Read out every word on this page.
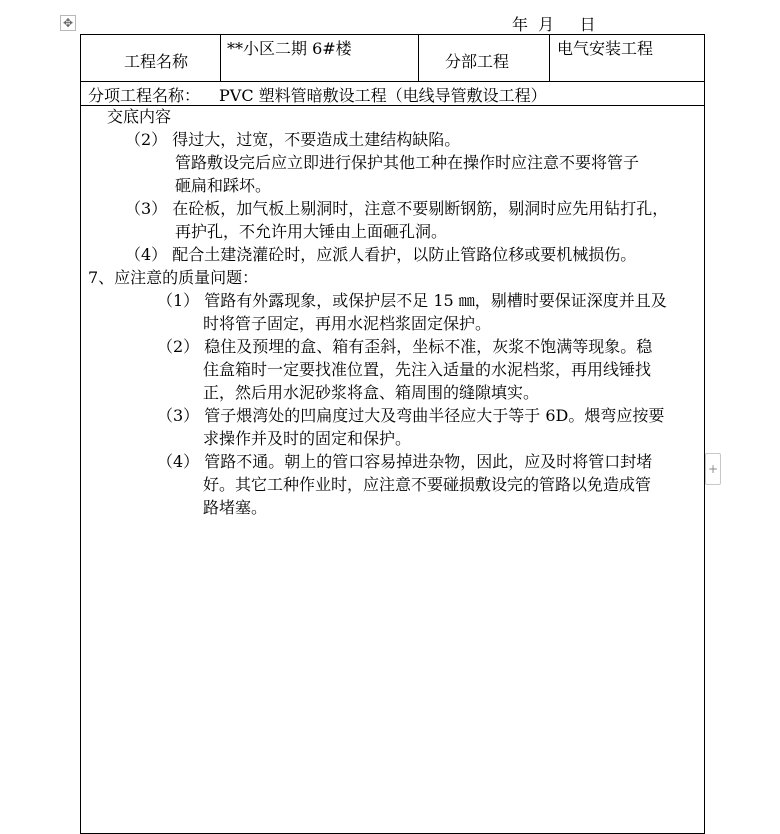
✥	年  月     日
工程名称
**小区二期 6#楼
分部工程
电气安装工程
分项工程名称： PVC 塑料管暗敷设工程（电线导管敷设工程）
交底内容
（2） 得过大，过宽，不要造成土建结构缺陷。
管路敷设完后应立即进行保护其他工种在操作时应注意不要将管子
砸扁和踩坏。
（3） 在砼板，加气板上剔洞时，注意不要剔断钢筋，剔洞时应先用钻打孔，
再护孔，不允许用大锤由上面砸孔洞。
（4） 配合土建浇灌砼时，应派人看护，以防止管路位移或要机械损伤。
7、应注意的质量问题：
（1） 管路有外露现象，或保护层不足 15 ㎜，剔槽时要保证深度并且及
时将管子固定，再用水泥档浆固定保护。
（2） 稳住及预埋的盒、箱有歪斜，坐标不准，灰浆不饱满等现象。稳
住盒箱时一定要找准位置，先注入适量的水泥档浆，再用线锤找
正，然后用水泥砂浆将盒、箱周围的缝隙填实。
（3） 管子煨湾处的凹扁度过大及弯曲半径应大于等于 6D。煨弯应按要
求操作并及时的固定和保护。
（4） 管路不通。朝上的管口容易掉进杂物，因此，应及时将管口封堵
好。其它工种作业时，应注意不要碰损敷设完的管路以免造成管
路堵塞。
+
